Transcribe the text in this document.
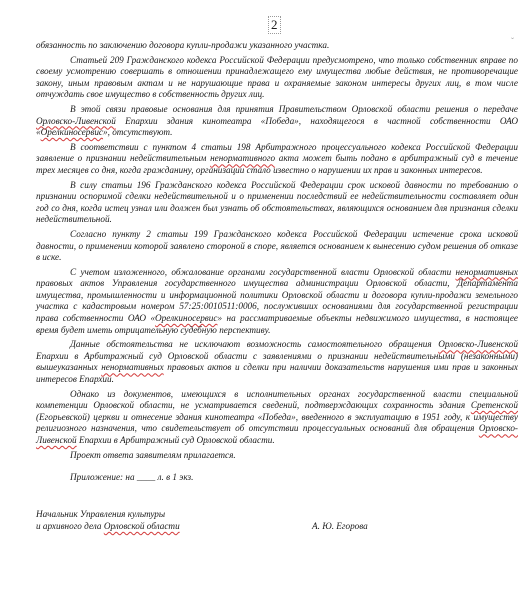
2
ˇ

обязанность по заключению договора купли-продажи указанного участка.

Статьей 209 Гражданского кодекса Российской Федерации предусмотрено, что только собственник вправе по своему усмотрению совершать в отношении принадлежащего ему имущества любые действия, не противоречащие закону, иным правовым актам и не нарушающие права и охраняемые законом интересы других лиц, в том числе отчуждать свое имущество в собственность других лиц.

В этой связи правовые основания для принятия Правительством Орловской области решения о передаче Орловско-Ливенской Епархии здания кинотеатра «Победа», находящегося в частной собственности ОАО «Орелкиносервис», отсутствуют.

В соответствии с пунктом 4 статьи 198 Арбитражного процессуального кодекса Российской Федерации заявление о признании недействительным ненормативного акта может быть подано в арбитражный суд в течение трех месяцев со дня, когда гражданину, организации стало известно о нарушении их прав и законных интересов.

В силу статьи 196 Гражданского кодекса Российской Федерации срок исковой давности по требованию о признании оспоримой сделки недействительной и о применении последствий ее недействительности составляет один год со дня, когда истец узнал или должен был узнать об обстоятельствах, являющихся основанием для признания сделки недействительной.

Согласно пункту 2 статьи 199 Гражданского кодекса Российской Федерации истечение срока исковой давности, о применении которой заявлено стороной в споре, является основанием к вынесению судом решения об отказе в иске.

С учетом изложенного, обжалование органами государственной власти Орловской области ненормативных правовых актов Управления государственного имущества администрации Орловской области, Департамента имущества, промышленности и информационной политики Орловской области и договора купли-продажи земельного участка с кадастровым номером 57:25:0010511:0006, послуживших основаниями для государственной регистрации права собственности ОАО «Орелкиносервис» на рассматриваемые объекты недвижимого имущества, в настоящее время будет иметь отрицательную судебную перспективу.

Данные обстоятельства не исключают возможность самостоятельного обращения Орловско-Ливенской Епархии в Арбитражный суд Орловской области с заявлениями о признании недействительными (незаконными) вышеуказанных ненормативных правовых актов и сделки при наличии доказательств нарушения ими прав и законных интересов Епархии.

Однако из документов, имеющихся в исполнительных органах государственной власти специальной компетенции Орловской области, не усматривается сведений, подтверждающих сохранность здания Сретенской (Егорьевской) церкви и отнесение здания кинотеатра «Победа», введенного в эксплуатацию в 1951 году, к имуществу религиозного назначения, что свидетельствует об отсутствии процессуальных оснований для обращения Орловско-Ливенской Епархии в Арбитражный суд Орловской области.

Проект ответа заявителям прилагается.

Приложение: на ____ л. в 1 экз.

Начальник Управления культуры
и архивного дела Орловской области	А. Ю. Егорова
